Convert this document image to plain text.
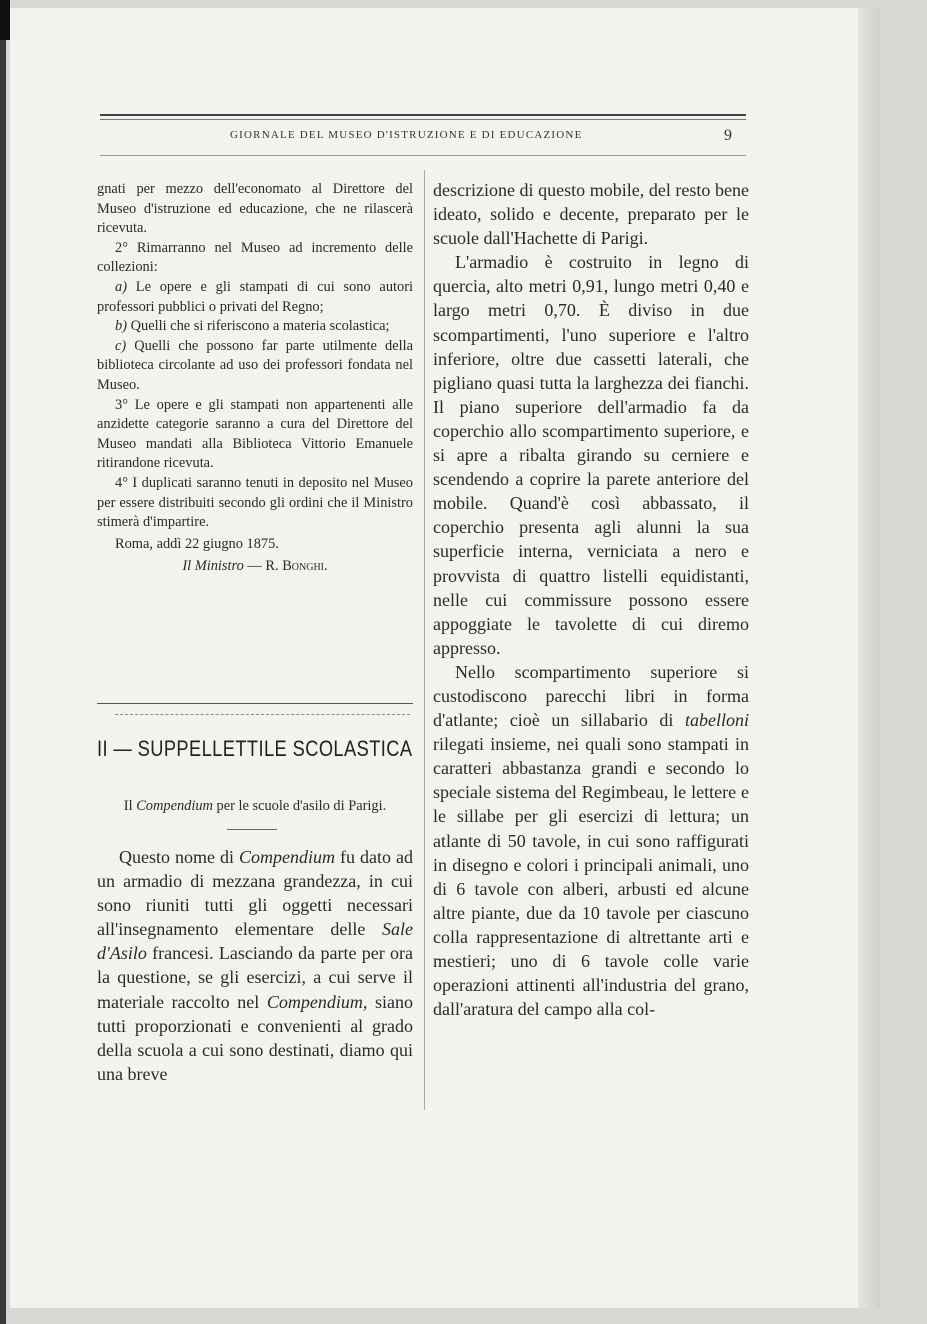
GIORNALE DEL MUSEO D'ISTRUZIONE E DI EDUCAZIONE	9

gnati per mezzo dell'economato al Direttore del Museo d'istruzione ed educazione, che ne rilascerà ricevuta.

2° Rimarranno nel Museo ad incremento delle collezioni:

a) Le opere e gli stampati di cui sono autori professori pubblici o privati del Regno;

b) Quelli che si riferiscono a materia scolastica;

c) Quelli che possono far parte utilmente della biblioteca circolante ad uso dei professori fondata nel Museo.

3° Le opere e gli stampati non appartenenti alle anzidette categorie saranno a cura del Direttore del Museo mandati alla Biblioteca Vittorio Emanuele ritirandone ricevuta.

4° I duplicati saranno tenuti in deposito nel Museo per essere distribuiti secondo gli ordini che il Ministro stimerà d'impartire.

Roma, addì 22 giugno 1875.

Il Ministro — R. Bonghi.
II — SUPPELLETTILE SCOLASTICA
Il Compendium per le scuole d'asilo di Parigi.

Questo nome di Compendium fu dato ad un armadio di mezzana grandezza, in cui sono riuniti tutti gli oggetti necessari all'insegnamento elementare delle Sale d'Asilo francesi. Lasciando da parte per ora la questione, se gli esercizi, a cui serve il materiale raccolto nel Compendium, siano tutti proporzionati e convenienti al grado della scuola a cui sono destinati, diamo qui una breve

descrizione di questo mobile, del resto bene ideato, solido e decente, preparato per le scuole dall'Hachette di Parigi.

L'armadio è costruito in legno di quercia, alto metri 0,91, lungo metri 0,40 e largo metri 0,70. È diviso in due scompartimenti, l'uno superiore e l'altro inferiore, oltre due cassetti laterali, che pigliano quasi tutta la larghezza dei fianchi. Il piano superiore dell'armadio fa da coperchio allo scompartimento superiore, e si apre a ribalta girando su cerniere e scendendo a coprire la parete anteriore del mobile. Quand'è così abbassato, il coperchio presenta agli alunni la sua superficie interna, verniciata a nero e provvista di quattro listelli equidistanti, nelle cui commissure possono essere appoggiate le tavolette di cui diremo appresso.

Nello scompartimento superiore si custodiscono parecchi libri in forma d'atlante; cioè un sillabario di tabelloni rilegati insieme, nei quali sono stampati in caratteri abbastanza grandi e secondo lo speciale sistema del Regimbeau, le lettere e le sillabe per gli esercizi di lettura; un atlante di 50 tavole, in cui sono raffigurati in disegno e colori i principali animali, uno di 6 tavole con alberi, arbusti ed alcune altre piante, due da 10 tavole per ciascuno colla rappresentazione di altrettante arti e mestieri; uno di 6 tavole colle varie operazioni attinenti all'industria del grano, dall'aratura del campo alla col-
